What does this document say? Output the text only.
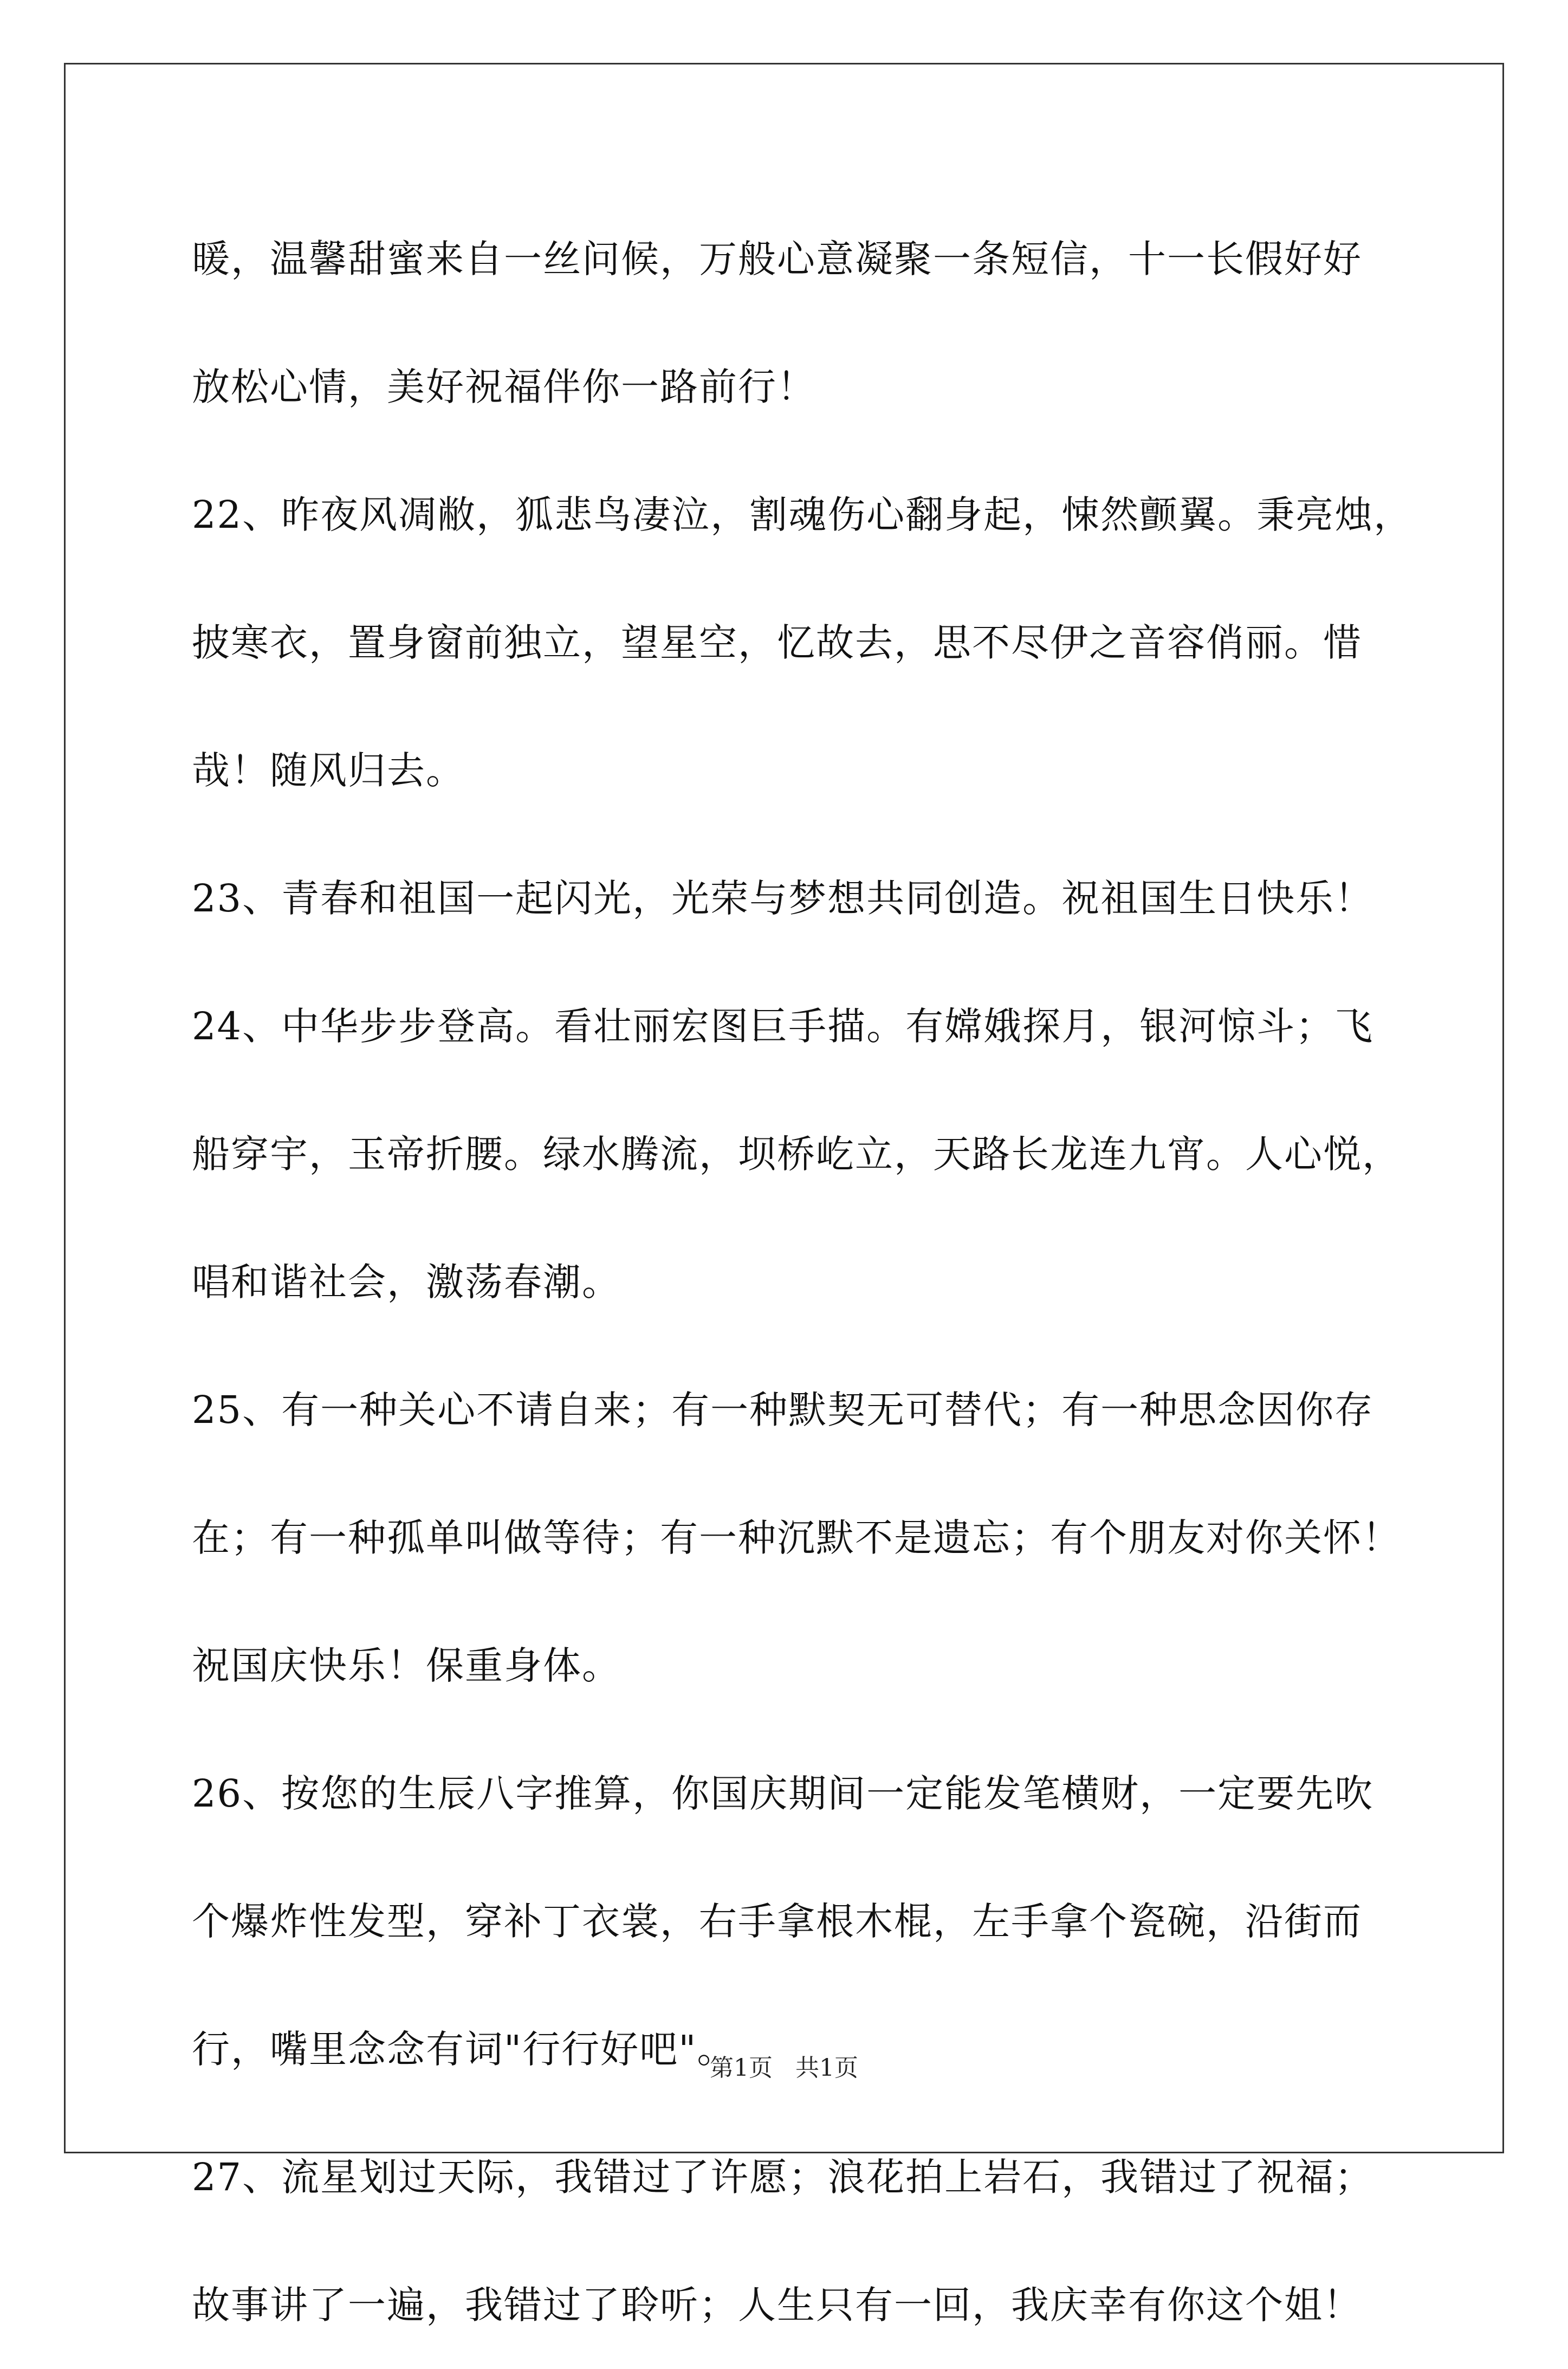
暖，温馨甜蜜来自一丝问候，万般心意凝聚一条短信，十一长假好好
放松心情，美好祝福伴你一路前行！
22、昨夜风凋敝，狐悲鸟凄泣，割魂伤心翻身起，悚然颤翼。秉亮烛，
披寒衣，置身窗前独立，望星空，忆故去，思不尽伊之音容俏丽。惜
哉！随风归去。
23、青春和祖国一起闪光，光荣与梦想共同创造。祝祖国生日快乐！
24、中华步步登高。看壮丽宏图巨手描。有嫦娥探月，银河惊斗；飞
船穿宇，玉帝折腰。绿水腾流，坝桥屹立，天路长龙连九宵。人心悦，
唱和谐社会，激荡春潮。
25、有一种关心不请自来；有一种默契无可替代；有一种思念因你存
在；有一种孤单叫做等待；有一种沉默不是遗忘；有个朋友对你关怀！
祝国庆快乐！保重身体。
26、按您的生辰八字推算，你国庆期间一定能发笔横财，一定要先吹
个爆炸性发型，穿补丁衣裳，右手拿根木棍，左手拿个瓷碗，沿街而
行，嘴里念念有词"行行好吧"。
27、流星划过天际，我错过了许愿；浪花拍上岩石，我错过了祝福；
故事讲了一遍，我错过了聆听；人生只有一回，我庆幸有你这个姐！
第1页 共1页
